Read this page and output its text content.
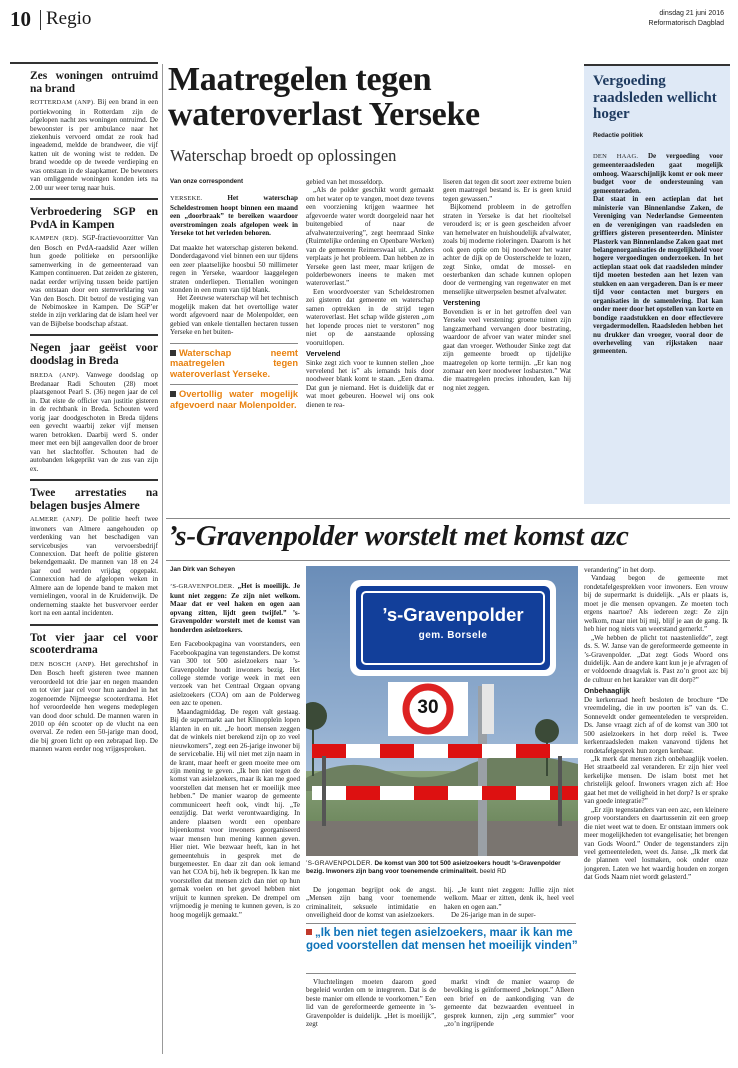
10 Regio	dinsdag 21 juni 2016
Reformatorisch Dagblad
Zes woningen ontruimd na brand

ROTTERDAM (ANP). Bij een brand in een portiekwoning in Rotterdam zijn de afgelopen nacht zes woningen ontruimd. De bewoonster is per ambulance naar het ziekenhuis vervoerd omdat ze rook had ingeademd, meldde de brandweer, die vijf katten uit de woning wist te redden. De brand woedde op de tweede verdieping en was ontstaan in de slaapkamer. De bewoners van omliggende woningen konden iets na 2.00 uur weer terug naar huis.

Verbroedering SGP en PvdA in Kampen

KAMPEN (RD). SGP-fractievoorzitter Van den Bosch en PvdA-raadslid Azer willen hun goede politieke en persoonlijke samenwerking in de gemeenteraad van Kampen continueren. Dat zeiden ze gisteren, nadat eerder wrijving tussen beide partijen was ontstaan door een stemverklaring van Van den Bosch. Dit betrof de vestiging van de Nebimoskee in Kampen. De SGP’er stelde in zijn verklaring dat de islam heel ver van de Bijbelse boodschap afstaat.

Negen jaar geëist voor doodslag in Breda

BREDA (ANP). Vanwege doodslag op Bredanaar Radi Schouten (28) moet plaatsgenoot Pearl S. (36) negen jaar de cel in. Dat eiste de officier van justitie gisteren in de rechtbank in Breda. Schouten werd vorig jaar doodgeschoten in Breda tijdens een gevecht waarbij zeker vijf mensen waren betrokken. Daarbij werd S. onder meer met een bijl aangevallen door de broer van het slachtoffer. Schouten had de autobanden lekgeprikt van de zus van zijn ex.

Twee arrestaties na belagen busjes Almere

ALMERE (ANP). De politie heeft twee inwoners van Almere aangehouden op verdenking van het beschadigen van servicebusjes van vervoersbedrijf Connexxion. Dat heeft de politie gisteren bekendgemaakt. De mannen van 18 en 24 jaar oud werden vrijdag opgepakt. Connexxion had de afgelopen weken in Almere aan de lopende band te maken met vernielingen, vooral in de Kruidenwijk. De onderneming staakte het busvervoer eerder kort na een aantal incidenten.

Tot vier jaar cel voor scooterdrama

DEN BOSCH (ANP). Het gerechtshof in Den Bosch heeft gisteren twee mannen veroordeeld tot drie jaar en negen maanden en tot vier jaar cel voor hun aandeel in het zogenoemde Nijmeegse scooterdrama. Het hof veroordeelde hen wegens medeplegen van dood door schuld. De mannen waren in 2010 op één scooter op de vlucht na een overval. Ze reden een 50-jarige man dood, die bij groen licht op een zebrapad liep. De mannen waren eerder nog vrijgesproken.

Maatregelen tegen wateroverlast Yerseke
Waterschap broedt op oplossingen
Van onze correspondent

YERSEKE.	Het waterschap Scheldestromen hoopt binnen een maand een „doorbraak” te bereiken waardoor overstromingen zoals afgelopen week in Yerseke tot het verleden behoren.

Dat maakte het waterschap gisteren bekend. Donderdagavond viel binnen een uur tijdens een zeer plaatselijke hoosbui 50 millimeter regen in Yerseke, waardoor laaggelegen straten onderliepen. Tientallen woningen stonden in een mum van tijd blank.

Het Zeeuwse waterschap wil het technisch mogelijk maken dat het overtollige water wordt afgevoerd naar de Molenpolder, een gebied van enkele tientallen hectaren tussen Yerseke en het buiten-

Waterschap neemt maatregelen tegen wateroverlast Yerseke.
Overtollig water mogelijk afgevoerd naar Molenpolder.

gebied van het mosseldorp.

„Als de polder geschikt wordt gemaakt om het water op te vangen, moet deze tevens een voorziening krijgen waarmee het afgevoerde water wordt doorgeleid naar het buitengebied of naar de afvalwaterzuivering”, zegt heemraad Sinke (Ruimtelijke ordening en Openbare Werken) van de gemeente Reimerswaal uit. „Anders verplaats je het probleem. Dan hebben ze in Yerseke geen last meer, maar krijgen de polderbewoners ineens te maken met wateroverlast.”

Een woordvoerster van Scheldestromen zei gisteren dat gemeente en waterschap samen optrekken in de strijd tegen wateroverlast. Het schap wilde gisteren „om het lopende proces niet te verstoren” nog niet op de aanstaande oplossing vooruitlopen.

Vervelend

Sinke zegt zich voor te kunnen stellen „hoe vervelend het is” als iemands huis door noodweer blank komt te staan. „Een drama. Dat gun je niemand. Het is duidelijk dat er wat moet gebeuren. Hoewel wij ons ook dienen te rea-

liseren dat tegen dit soort zeer extreme buien geen maatregel bestand is. Er is geen kruid tegen gewassen.”

Bijkomend probleem in de getroffen straten in Yerseke is dat het riooltelsel verouderd is; er is geen gescheiden afvoer van hemelwater en huishoudelijk afvalwater, zoals bij moderne rioleringen. Daarom is het ook geen optie om bij noodweer het water achter de dijk op de Oosterschelde te lozen, zegt Sinke, omdat de mossel- en oesterbanken dan schade kunnen oplopen door de vermenging van regenwater en met menselijke uitwerpselen besmet afvalwater.

Verstening

Bovendien is er in het getroffen deel van Yerseke veel verstening: groene tuinen zijn langzamerhand vervangen door bestrating, waardoor de afvoer van water minder snel gaat dan vroeger. Wethouder Sinke zegt dat zijn gemeente broedt op tijdelijke maatregelen op korte termijn. „Er kan nog zomaar een keer noodweer losbarsten.” Wat die maatregelen precies inhouden, kan hij nog niet zeggen.

Vergoeding raadsleden wellicht hoger
Redactie politiek

DEN HAAG. De vergoeding voor gemeenteraadsleden gaat mogelijk omhoog. Waarschijnlijk komt er ook meer budget voor de ondersteuning van gemeenteraden.

Dat staat in een actieplan dat het ministerie van Binnenlandse Zaken, de Vereniging van Nederlandse Gemeenten en de verenigingen van raadsleden en griffiers gisteren presenteerden. Minister Plasterk van Binnenlandse Zaken gaat met belangenorganisaties de mogelijkheid voor hogere vergoedingen onderzoeken. In het actieplan staat ook dat raadsleden minder tijd moeten besteden aan het lezen van stukken en aan vergaderen. Dan is er meer tijd voor contacten met burgers en organisaties in de samenleving. Dat kan onder meer door het opstellen van korte en bondige raadstukken en door effectievere vergadermodellen. Raadsleden hebben het nu drukker dan vroeger, vooral door de overheveling van rijkstaken naar gemeenten.

’s-Gravenpolder worstelt met komst azc
Jan Dirk van Scheyen

’S-GRAVENPOLDER. „Het is moeilijk. Je kunt niet zeggen: Ze zijn niet welkom. Maar dat er veel haken en ogen aan opvang zitten, lijdt geen twijfel.” ’s-Gravenpolder worstelt met de komst van honderden asielzoekers.

Een Facebookpagina van voorstanders, een Facebookpagina van tegenstanders. De komst van 300 tot 500 asielzoekers naar ’s-Gravenpolder houdt inwoners bezig. Het college stemde vorige week in met een verzoek van het Centraal Orgaan opvang asielzoekers (COA) om aan de Polderweg een azc te openen.

Maandagmiddag. De regen valt gestaag. Bij de supermarkt aan het Klinoppleïn lopen klanten in en uit. „Je hoort mensen zeggen dat de winkels niet berekend zijn op zo veel nieuwkomers”, zegt een 26-jarige inwoner bij de servicebalie. Hij wil niet met zijn naam in de krant, maar heeft er geen moeite mee om zijn mening te geven. „Ik ben niet tegen de komst van asielzoekers, maar ik kan me goed voorstellen dat mensen het er moeilijk mee hebben.” De manier waarop de gemeente communiceert heeft ook, vindt hij. „Te eenzijdig. Dat werkt verontwaardiging. In andere plaatsen wordt een openbare bijeenkomst voor inwoners georganiseerd waar mensen hun mening kunnen geven. Hier niet. Wie bezwaar heeft, kan in het gemeentehuis in gesprek met de burgemeester. En daar zit dan ook iemand van het COA bij, heb ik begrepen. Ik kan me voorstellen dat mensen zich dan niet op hun gemak voelen en het gevoel hebben niet vrijuit te kunnen spreken. De drempel om vrijmoedig je mening te kunnen geven, is zo hoog mogelijk gemaakt.”

’s-Gravenpolder
gem. Borsele
30
’S-GRAVENPOLDER. De komst van 300 tot 500 asielzoekers houdt ’s-Gravenpolder bezig. Inwoners zijn bang voor toenemende criminaliteit. beeld RD
De jongeman begrijpt ook de angst. „Mensen zijn bang voor toenemende criminaliteit, seksuele intimidatie en onveiligheid door de komst van asielzoekers.

hij. „Je kunt niet zeggen: Jullie zijn niet welkom. Maar er zitten, denk ik, heel veel haken en ogen aan.”

De 26-jarige man in de super-

„Ik ben niet tegen asielzoekers, maar ik kan me goed voorstellen dat mensen het moeilijk vinden”
Vluchtelingen moeten daarom goed begeleid worden om te integreren. Dat is de beste manier om ellende te voorkomen.” Een lid van de gereformeerde gemeente in ’s-Gravenpolder is duidelijk. „Het is moeilijk”, zegt
markt vindt de manier waarop de bevolking is geïnformeerd „beknopt.” Alleen een brief en de aankondiging van de gemeente dat bezwaarden eventueel in gesprek kunnen, zijn „erg summier” voor „zo’n ingrijpende

verandering” in het dorp.

Vandaag begon de gemeente met rondetafelgesprekken voor inwoners. Een vrouw bij de supermarkt is duidelijk. „Als er plaats is, moet je die mensen opvangen. Ze moeten toch ergens naartoe? Als iedereen zegt: Ze zijn welkom, maar niet bij mij, blijf je aan de gang. Ik heb hier nog niets van weerstand gemerkt.”

„We hebben de plicht tot naastenliefde”, zegt ds. S. W. Janse van de gereformeerde gemeente in ’s-Gravenpolder. „Dat zegt Gods Woord ons duidelijk. Aan de andere kant kun je je afvragen of er voldoende draagvlak is. Past zo’n groot azc bij de cultuur en het karakter van dit dorp?”

Onbehaaglijk

De kerkenraad heeft besloten de brochure “De vreemdeling, die in uw poorten is” van ds. C. Sonneveldt onder gemeenteleden te verspreiden. Ds. Janse vraagt zich af of de komst van 300 tot 500 asielzoekers in het dorp reëel is. Twee kerkenraadsleden maken vanavond tijdens het rondetafelgesprek hun zorgen kenbaar.

„Ik merk dat mensen zich onbehaaglijk voelen. Het straatbeeld zal veranderen. Er zijn hier veel kerkelijke mensen. De islam botst met het christelijk geloof. Inwoners vragen zich af: Hoe gaat het met de veiligheid in het dorp? Is er sprake van goede integratie?”

„Er zijn tegenstanders van een azc, een kleinere groep voorstanders en daartussenin zit een groep die niet weet wat te doen. Er ontstaan immers ook meer mogelijkheden tot evangelisatie; het brengen van Gods Woord.” Onder de tegenstanders zijn veel gemeenteleden, weet ds. Janse. „Ik merk dat de plannen veel losmaken, ook onder onze jongeren. Laten we het waardig houden en zorgen dat Gods Naam niet wordt gelasterd.”
